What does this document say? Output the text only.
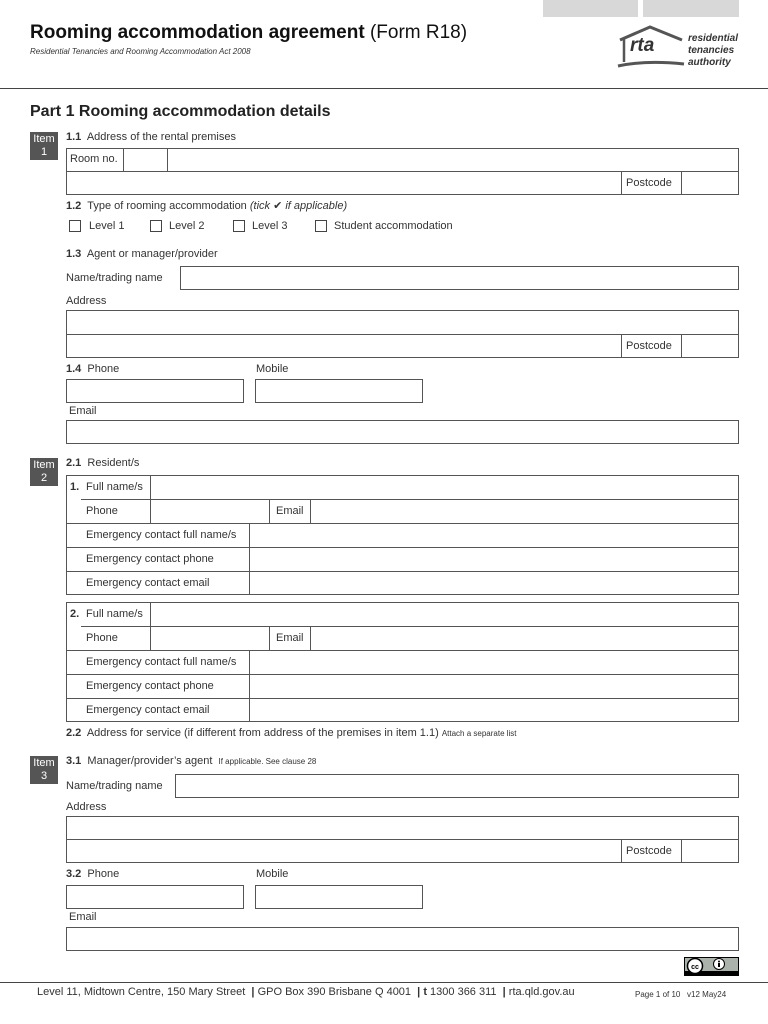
Rooming accommodation agreement (Form R18)
Residential Tenancies and Rooming Accommodation Act 2008	rta	residential
tenancies
authority
Part 1 Rooming accommodation details
Item
1
1.1 Address of the rental premises
Room no.
Postcode
1.2 Type of rooming accommodation (tick ✔ if applicable)
Level 1	Level 2	Level 3	Student accommodation
1.3 Agent or manager/provider
Name/trading name
Address
Postcode
1.4 Phone	Mobile
Email
Item
2
2.1 Resident/s
1. Full name/s
Phone	Email
Emergency contact full name/s
Emergency contact phone
Emergency contact email
2. Full name/s
Phone	Email
Emergency contact full name/s
Emergency contact phone
Emergency contact email
2.2 Address for service (if different from address of the premises in item 1.1) Attach a separate list
Item
3
3.1 Manager/provider’s agent If applicable. See clause 28
Name/trading name
Address
Postcode
3.2 Phone	Mobile
Email
cc
Level 11, Midtown Centre, 150 Mary Street  | GPO Box 390 Brisbane Q 4001  | t 1300 366 311  | rta.qld.gov.au	Page 1 of 10 v12 May24
